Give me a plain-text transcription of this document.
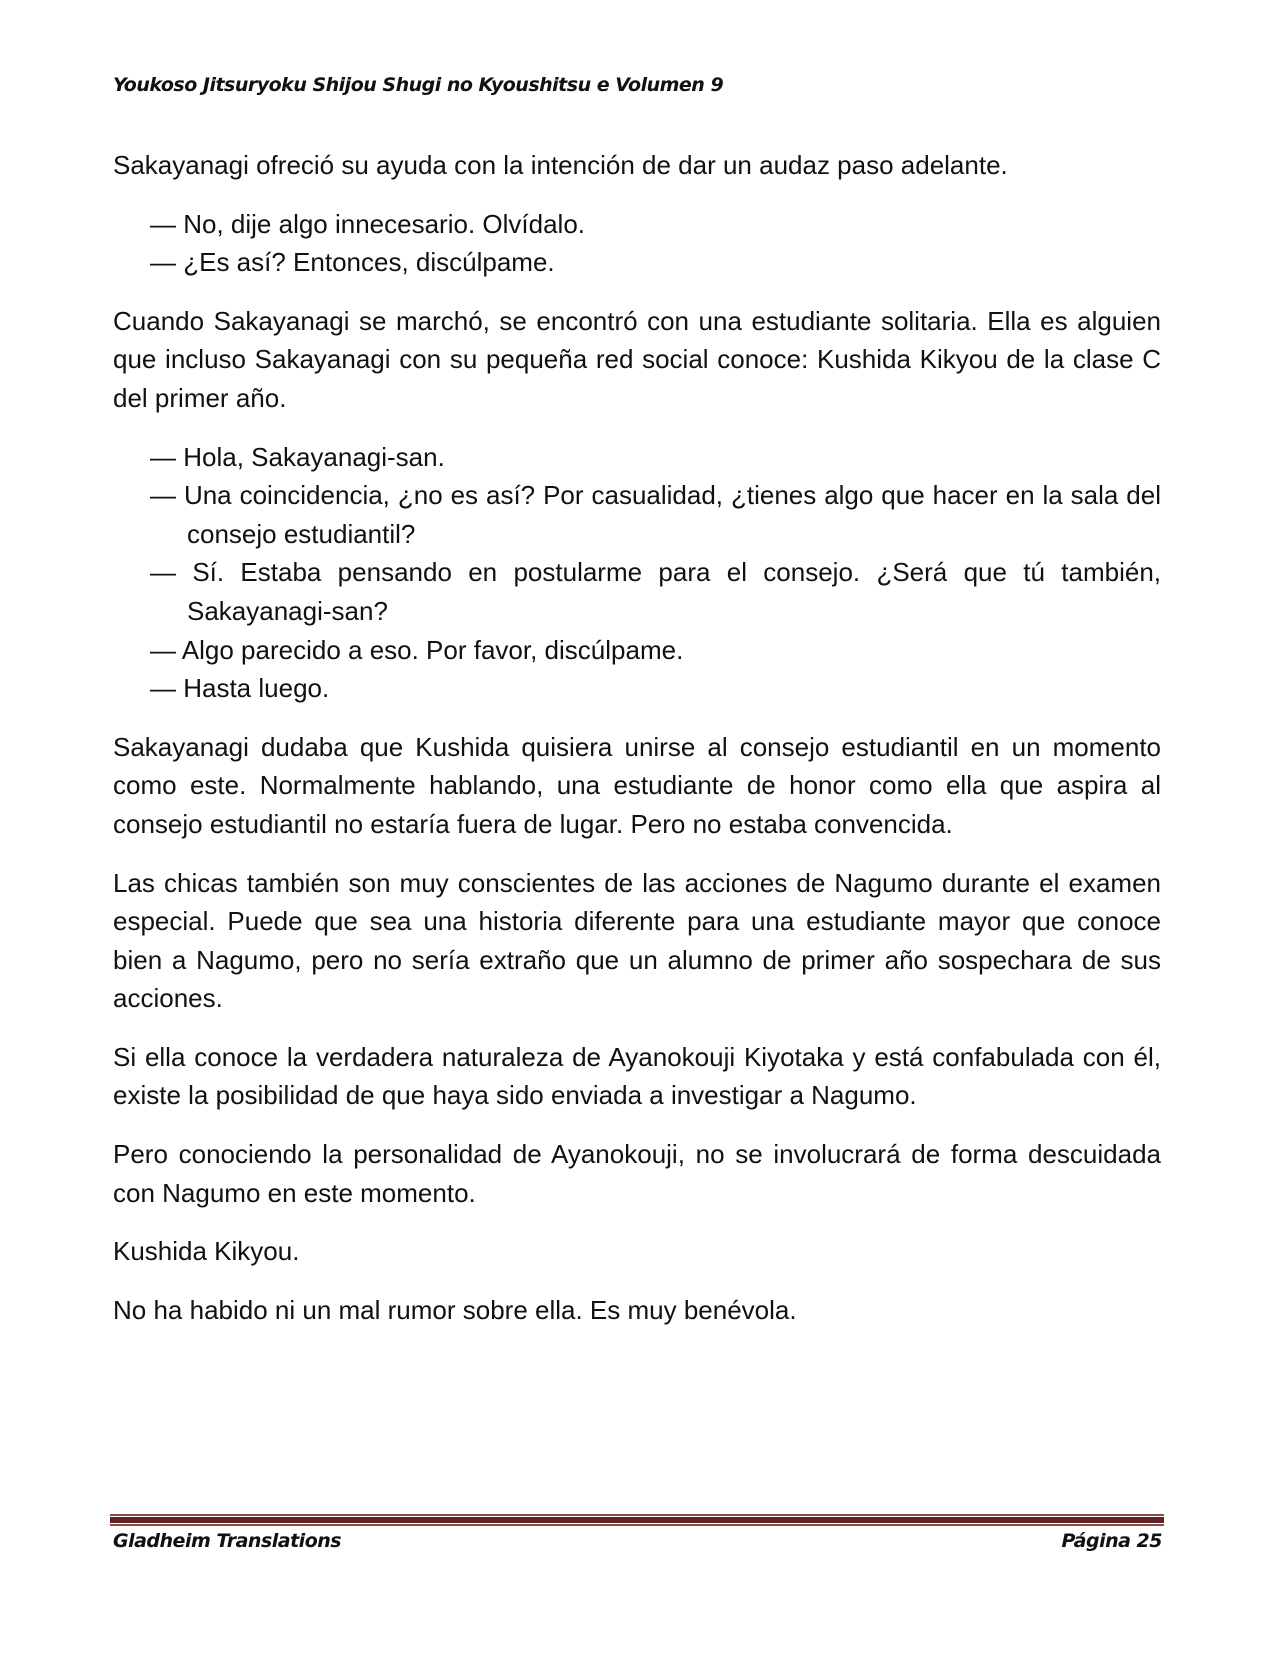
Youkoso Jitsuryoku Shijou Shugi no Kyoushitsu e Volumen 9

Sakayanagi ofreció su ayuda con la intención de dar un audaz paso adelante.

— No, dije algo innecesario. Olvídalo.
— ¿Es así? Entonces, discúlpame.

Cuando Sakayanagi se marchó, se encontró con una estudiante solitaria. Ella es alguien que incluso Sakayanagi con su pequeña red social conoce: Kushida Kikyou de la clase C del primer año.

— Hola, Sakayanagi-san.
— Una coincidencia, ¿no es así? Por casualidad, ¿tienes algo que hacer en la sala del consejo estudiantil?
— Sí. Estaba pensando en postularme para el consejo. ¿Será que tú también, Sakayanagi-san?
— Algo parecido a eso. Por favor, discúlpame.
— Hasta luego.

Sakayanagi dudaba que Kushida quisiera unirse al consejo estudiantil en un momento como este. Normalmente hablando, una estudiante de honor como ella que aspira al consejo estudiantil no estaría fuera de lugar. Pero no estaba convencida.

Las chicas también son muy conscientes de las acciones de Nagumo durante el examen especial. Puede que sea una historia diferente para una estudiante mayor que conoce bien a Nagumo, pero no sería extraño que un alumno de primer año sospechara de sus acciones.

Si ella conoce la verdadera naturaleza de Ayanokouji Kiyotaka y está confabulada con él, existe la posibilidad de que haya sido enviada a investigar a Nagumo.

Pero conociendo la personalidad de Ayanokouji, no se involucrará de forma descuidada con Nagumo en este momento.

Kushida Kikyou.

No ha habido ni un mal rumor sobre ella. Es muy benévola.

Gladheim Translations	Página 25
